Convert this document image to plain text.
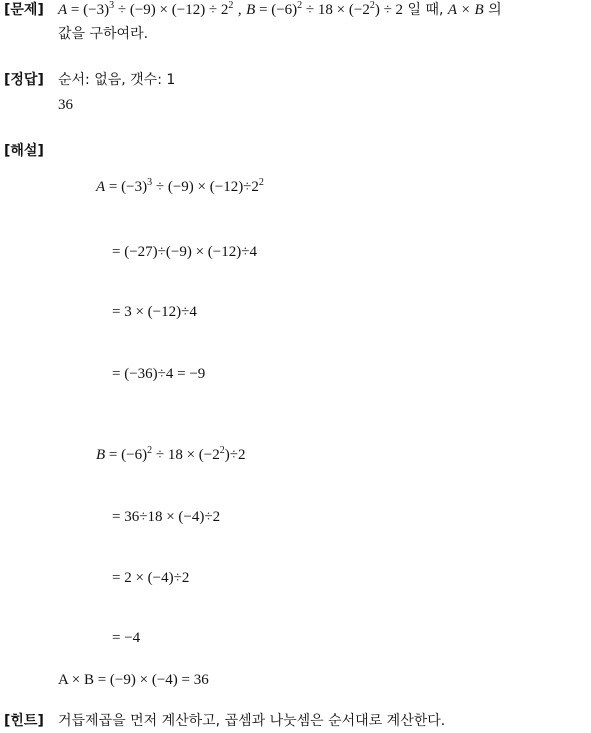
[문제] $A = (-3)^3 \div (-9) \times (-12) \div 2^2$ , $B = (-6)^2 \div 18 \times (-2^2) \div 2$ 일 때, A × B 의
값을 구하여라.
[정답] 순서: 없음, 갯수: 1
36
[해설]
$A = (-3)^3 \div (-9) \times (-12)\div 2^2$
= (−27)÷(−9) × (−12)÷4
= 3 × (−12)÷4
= (−36)÷4 = −9
$B = (-6)^2 \div 18 \times (-2^2)\div 2$
= 36÷18 × (−4)÷2
= 2 × (−4)÷2
= −4
A × B = (−9) × (−4) = 36
[힌트] 거듭제곱을 먼저 계산하고, 곱셈과 나눗셈은 순서대로 계산한다.
